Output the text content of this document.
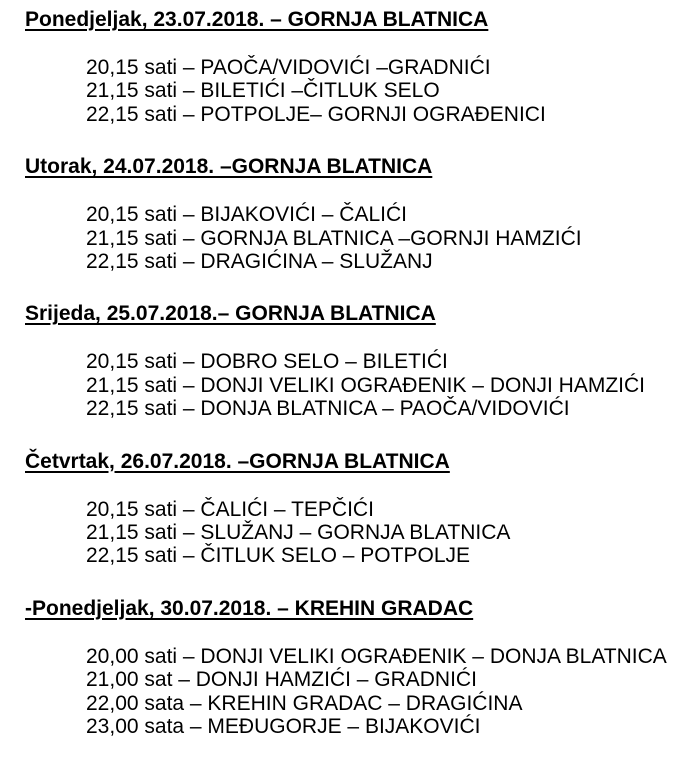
Ponedjeljak, 23.07.2018. – GORNJA BLATNICA
20,15 sati – PAOČA/VIDOVIĆI –GRADNIĆI
21,15 sati – BILETIĆI –ČITLUK SELO
22,15 sati – POTPOLJE– GORNJI OGRAĐENICI
Utorak, 24.07.2018. –GORNJA BLATNICA
20,15 sati – BIJAKOVIĆI – ČALIĆI
21,15 sati – GORNJA BLATNICA –GORNJI HAMZIĆI
22,15 sati – DRAGIĆINA – SLUŽANJ
Srijeda, 25.07.2018.– GORNJA BLATNICA
20,15 sati – DOBRO SELO – BILETIĆI
21,15 sati – DONJI VELIKI OGRAĐENIK – DONJI HAMZIĆI
22,15 sati – DONJA BLATNICA – PAOČA/VIDOVIĆI
Četvrtak, 26.07.2018. –GORNJA BLATNICA
20,15 sati – ČALIĆI – TEPČIĆI
21,15 sati – SLUŽANJ – GORNJA BLATNICA
22,15 sati – ČITLUK SELO – POTPOLJE
-Ponedjeljak, 30.07.2018. – KREHIN GRADAC
20,00 sati – DONJI VELIKI OGRAĐENIK – DONJA BLATNICA
21,00 sat – DONJI HAMZIĆI – GRADNIĆI
22,00 sata – KREHIN GRADAC – DRAGIĆINA
23,00 sata – MEĐUGORJE – BIJAKOVIĆI
